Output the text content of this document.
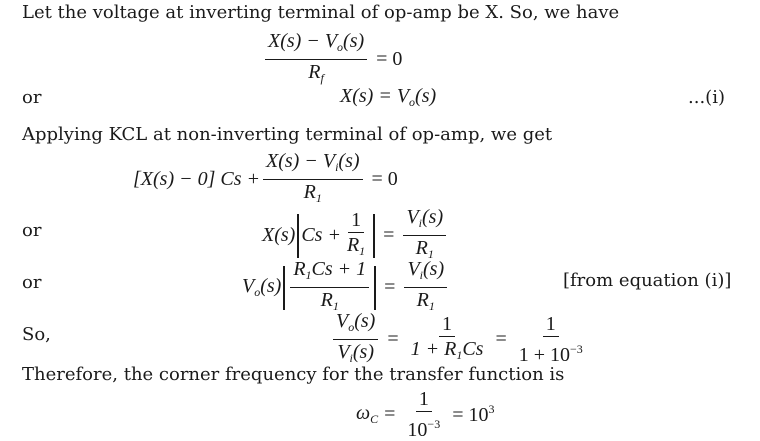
Let the voltage at inverting terminal of op-amp be X. So, we have
$\frac{X(s) - V_o(s)}{R_f} = 0$
or	$X(s) = V_o(s)$	...(i)
Applying KCL at non-inverting terminal of op-amp, we get
[X(s) − 0] $Cs + \frac{X(s) - V_i(s)}{R_1} = 0$
or	X(s) $Cs + \frac{1}{R_1} = \frac{V_i(s)}{R_1}$
or	$V_o(s) \frac{R_1Cs + 1}{R_1} = \frac{V_i(s)}{R_1}$	[from equation (i)]
So,	$\frac{V_o(s)}{V_i(s)} = \frac{1}{1 + R_1Cs} = \frac{1}{1 + 10^{-3}}$
Therefore, the corner frequency for the transfer function is
$\omega_C = \frac{1}{10^{-3}} = 10^3$
